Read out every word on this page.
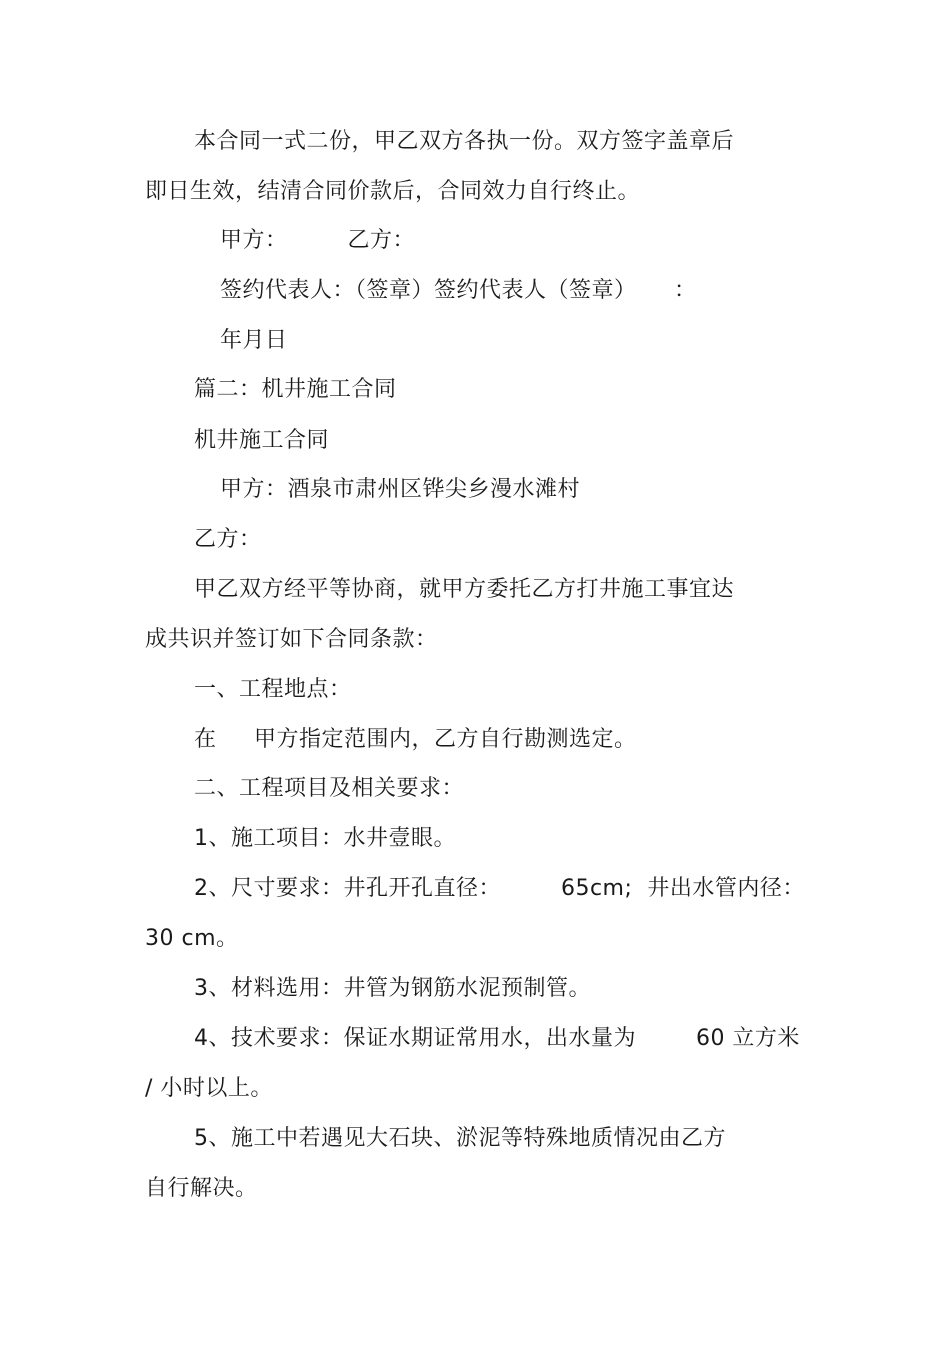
本合同一式二份，甲乙双方各执一份。双方签字盖章后
即日生效，结清合同价款后，合同效力自行终止。
甲方：        乙方：
签约代表人：（签章）签约代表人（签章）     ：
年月日
篇二：机井施工合同
机井施工合同
甲方：酒泉市肃州区铧尖乡漫水滩村
乙方：
甲乙双方经平等协商，就甲方委托乙方打井施工事宜达
成共识并签订如下合同条款：
一、工程地点：
在     甲方指定范围内，乙方自行勘测选定。
二、工程项目及相关要求：
1、施工项目：水井壹眼。
2、尺寸要求：井孔开孔直径：        65cm;  井出水管内径：
30 cm。
3、材料选用：井管为钢筋水泥预制管。
4、技术要求：保证水期证常用水，出水量为        60 立方米
/ 小时以上。
5、施工中若遇见大石块、淤泥等特殊地质情况由乙方
自行解决。
